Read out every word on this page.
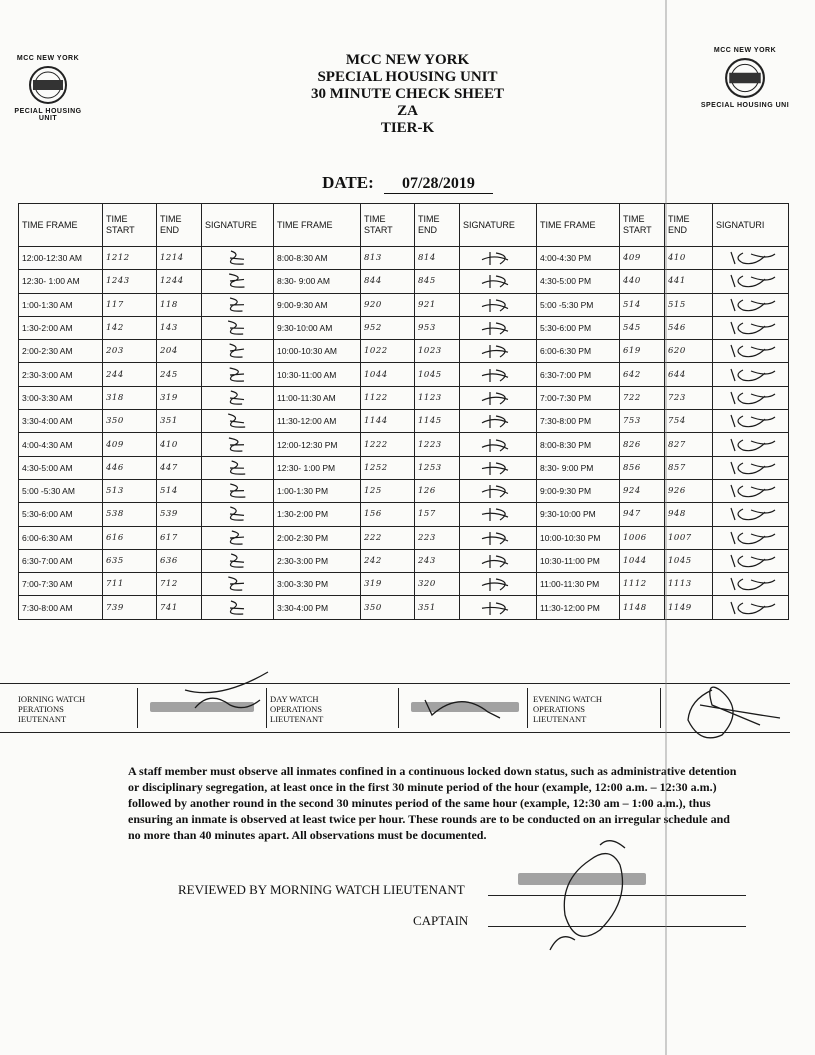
MCC NEW YORK
PECIAL HOUSING UNIT
MCC NEW YORK
SPECIAL HOUSING UNI
MCC NEW YORK
SPECIAL HOUSING UNIT
30 MINUTE CHECK SHEET
ZA
TIER-K
DATE: 07/28/2019
TIME FRAME	TIME START	TIME END	SIGNATURE	TIME FRAME	TIME START	TIME END	SIGNATURE	TIME FRAME	TIME START	TIME END	SIGNATURI
12:00-12:30 AM	1212	1214		8:00-8:30 AM	813	814		4:00-4:30 PM	409	410	

12:30- 1:00 AM	1243	1244		8:30- 9:00 AM	844	845		4:30-5:00 PM	440	441	

1:00-1:30 AM	117	118		9:00-9:30 AM	920	921		5:00 -5:30 PM	514	515	

1:30-2:00 AM	142	143		9:30-10:00 AM	952	953		5:30-6:00 PM	545	546	

2:00-2:30 AM	203	204		10:00-10:30 AM	1022	1023		6:00-6:30 PM	619	620	

2:30-3:00 AM	244	245		10:30-11:00 AM	1044	1045		6:30-7:00 PM	642	644	

3:00-3:30 AM	318	319		11:00-11:30 AM	1122	1123		7:00-7:30 PM	722	723	

3:30-4:00 AM	350	351		11:30-12:00 AM	1144	1145		7:30-8:00 PM	753	754	

4:00-4:30 AM	409	410		12:00-12:30 PM	1222	1223		8:00-8:30 PM	826	827	

4:30-5:00 AM	446	447		12:30- 1:00 PM	1252	1253		8:30- 9:00 PM	856	857	

5:00 -5:30 AM	513	514		1:00-1:30 PM	125	126		9:00-9:30 PM	924	926	

5:30-6:00 AM	538	539		1:30-2:00 PM	156	157		9:30-10:00 PM	947	948	

6:00-6:30 AM	616	617		2:00-2:30 PM	222	223		10:00-10:30 PM	1006	1007	

6:30-7:00 AM	635	636		2:30-3:00 PM	242	243		10:30-11:00 PM	1044	1045	

7:00-7:30 AM	711	712		3:00-3:30 PM	319	320		11:00-11:30 PM	1112	1113	

7:30-8:00 AM	739	741		3:30-4:00 PM	350	351		11:30-12:00 PM	1148	1149	
IORNING WATCH
PERATIONS
IEUTENANT
DAY WATCH
OPERATIONS
LIEUTENANT
EVENING WATCH
OPERATIONS
LIEUTENANT
A staff member must observe all inmates confined in a continuous locked down status, such as administrative detention or disciplinary segregation, at least once in the first 30 minute period of the hour (example, 12:00 a.m. – 12:30 a.m.) followed by another round in the second 30 minutes period of the same hour (example, 12:30 am – 1:00 a.m.), thus ensuring an inmate is observed at least twice per hour. These rounds are to be conducted on an irregular schedule and no more than 40 minutes apart. All observations must be documented.
REVIEWED BY MORNING WATCH LIEUTENANT
CAPTAIN
